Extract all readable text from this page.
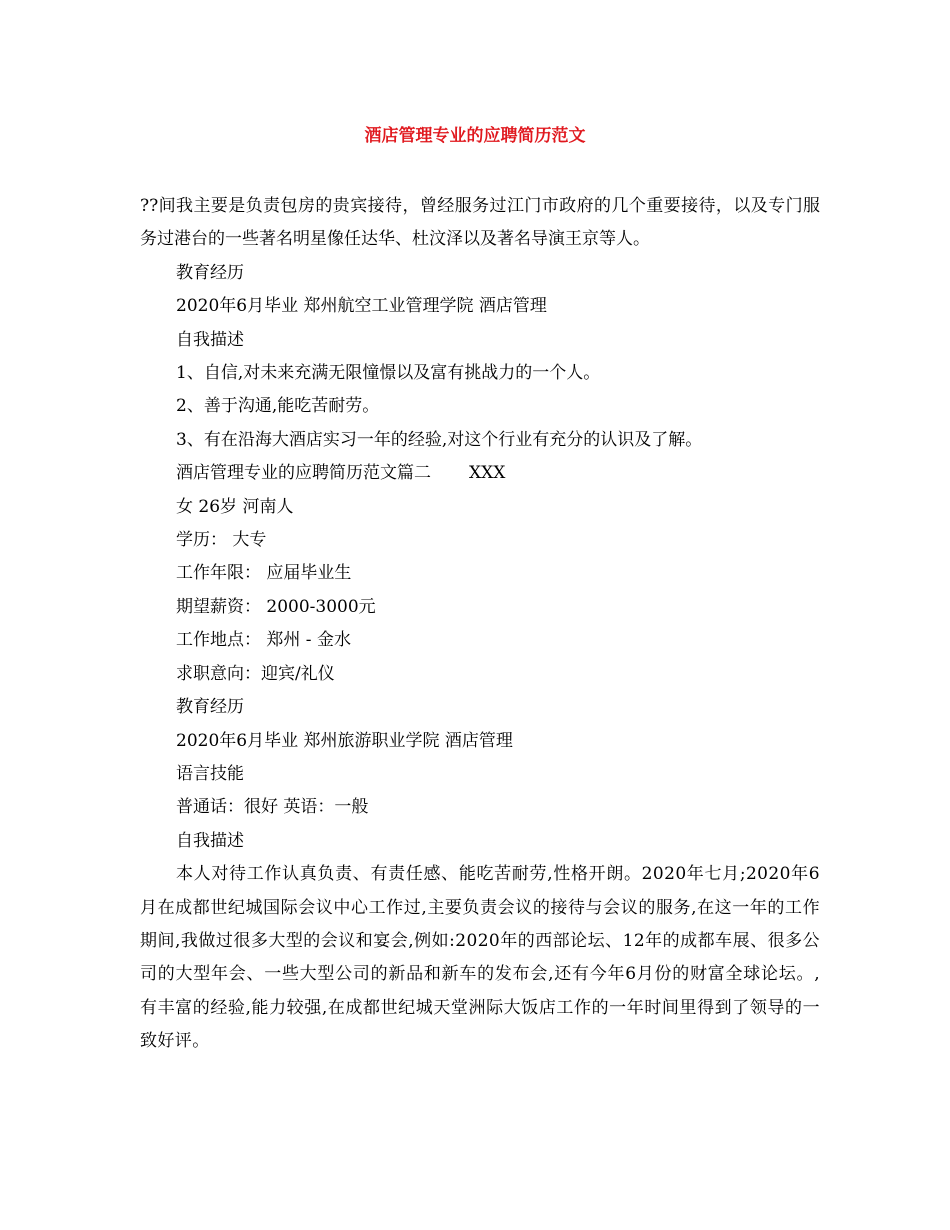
酒店管理专业的应聘简历范文

??间我主要是负责包房的贵宾接待，曾经服务过江门市政府的几个重要接待，以及专门服务过港台的一些著名明星像任达华、杜汶泽以及著名导演王京等人。

教育经历

2020年6月毕业 郑州航空工业管理学院 酒店管理

自我描述

1、自信,对未来充满无限憧憬以及富有挑战力的一个人。

2、善于沟通,能吃苦耐劳。

3、有在沿海大酒店实习一年的经验,对这个行业有充分的认识及了解。

酒店管理专业的应聘简历范文篇二 XXX

女 26岁 河南人

学历： 大专

工作年限： 应届毕业生

期望薪资： 2000-3000元

工作地点： 郑州 - 金水

求职意向：迎宾/礼仪

教育经历

2020年6月毕业 郑州旅游职业学院 酒店管理

语言技能

普通话：很好 英语：一般

自我描述

本人对待工作认真负责、有责任感、能吃苦耐劳,性格开朗。2020年七月;2020年6月在成都世纪城国际会议中心工作过,主要负责会议的接待与会议的服务,在这一年的工作期间,我做过很多大型的会议和宴会,例如:2020年的西部论坛、12年的成都车展、很多公司的大型年会、一些大型公司的新品和新车的发布会,还有今年6月份的财富全球论坛。,有丰富的经验,能力较强,在成都世纪城天堂洲际大饭店工作的一年时间里得到了领导的一致好评。
